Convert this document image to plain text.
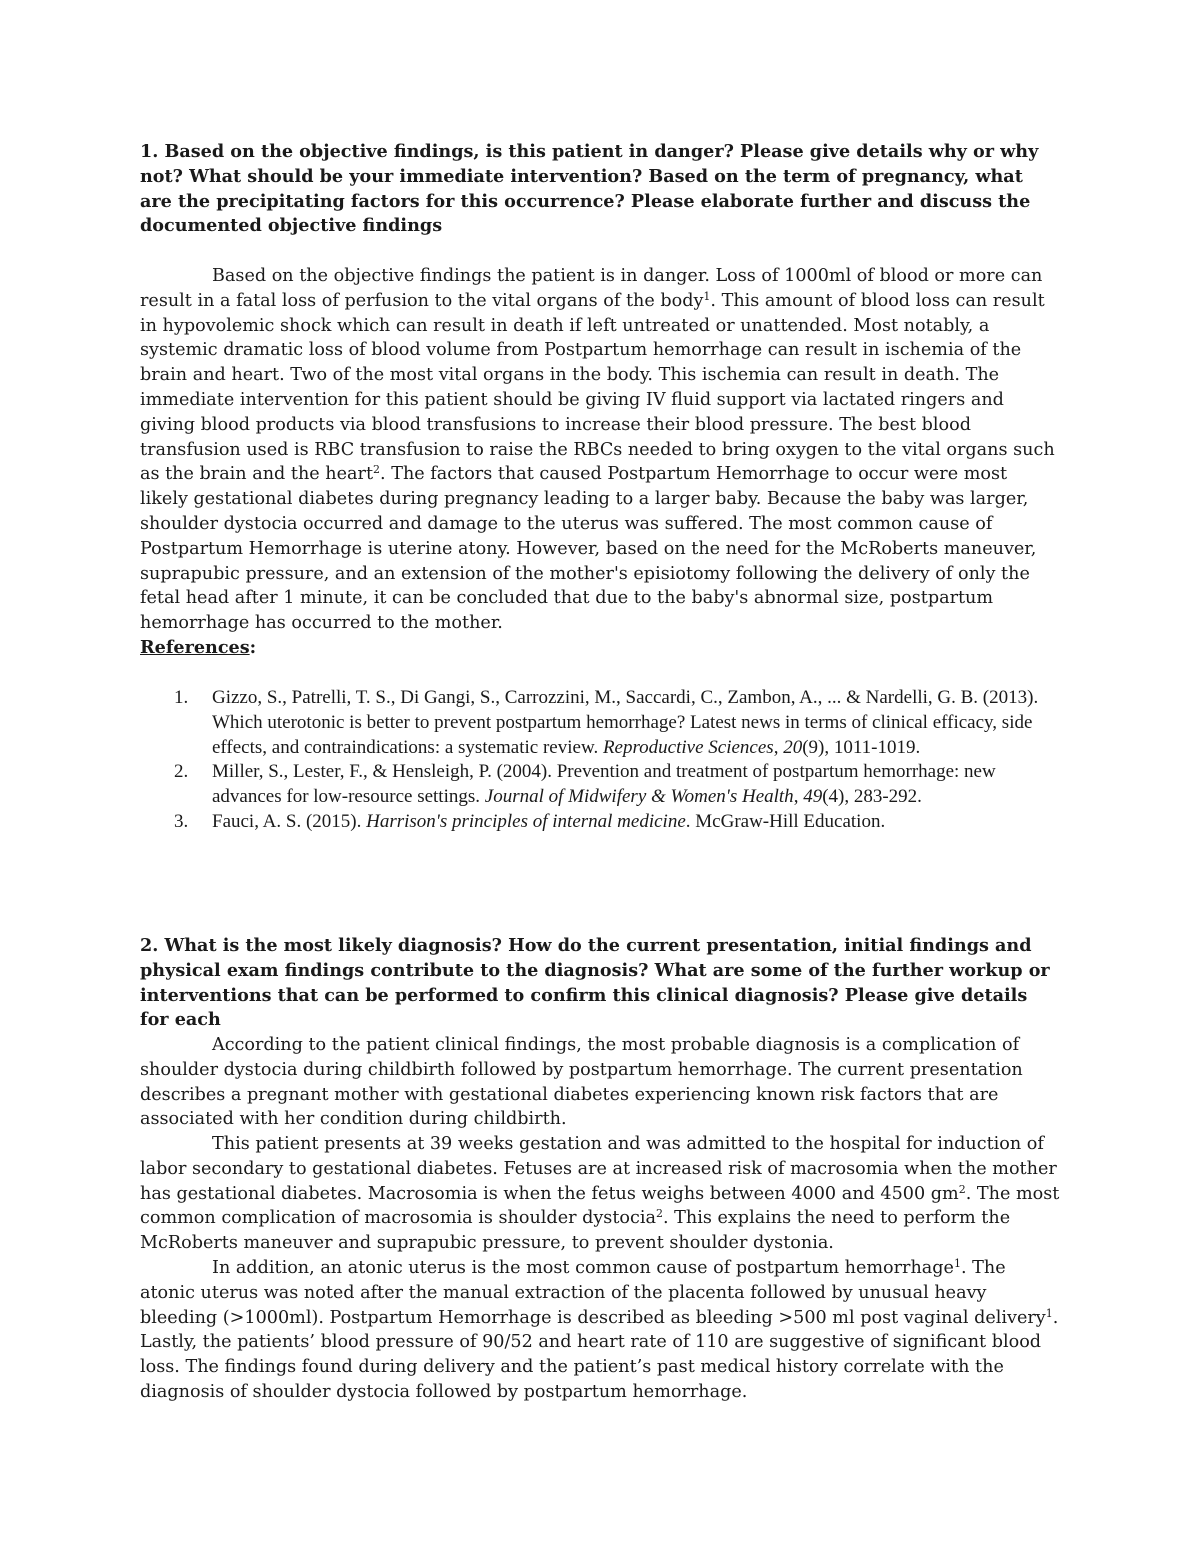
1. Based on the objective findings, is this patient in danger? Please give details why or why not? What should be your immediate intervention? Based on the term of pregnancy, what are the precipitating factors for this occurrence? Please elaborate further and discuss the documented objective findings

Based on the objective findings the patient is in danger. Loss of 1000ml of blood or more can result in a fatal loss of perfusion to the vital organs of the body$^1$. This amount of blood loss can result in hypovolemic shock which can result in death if left untreated or unattended. Most notably, a systemic dramatic loss of blood volume from Postpartum hemorrhage can result in ischemia of the brain and heart. Two of the most vital organs in the body. This ischemia can result in death. The immediate intervention for this patient should be giving IV fluid support via lactated ringers and giving blood products via blood transfusions to increase their blood pressure. The best blood transfusion used is RBC transfusion to raise the RBCs needed to bring oxygen to the vital organs such as the brain and the heart$^2$. The factors that caused Postpartum Hemorrhage to occur were most likely gestational diabetes during pregnancy leading to a larger baby. Because the baby was larger, shoulder dystocia occurred and damage to the uterus was suffered. The most common cause of Postpartum Hemorrhage is uterine atony. However, based on the need for the McRoberts maneuver, suprapubic pressure, and an extension of the mother's episiotomy following the delivery of only the fetal head after 1 minute, it can be concluded that due to the baby's abnormal size, postpartum hemorrhage has occurred to the mother.

References:

1. Gizzo, S., Patrelli, T. S., Di Gangi, S., Carrozzini, M., Saccardi, C., Zambon, A., ... & Nardelli, G. B. (2013). Which uterotonic is better to prevent postpartum hemorrhage? Latest news in terms of clinical efficacy, side effects, and contraindications: a systematic review. Reproductive Sciences, 20(9), 1011-1019.
2. Miller, S., Lester, F., & Hensleigh, P. (2004). Prevention and treatment of postpartum hemorrhage: new advances for low-resource settings. Journal of Midwifery & Women's Health, 49(4), 283-292.
3. Fauci, A. S. (2015). Harrison's principles of internal medicine. McGraw-Hill Education.

2. What is the most likely diagnosis? How do the current presentation, initial findings and physical exam findings contribute to the diagnosis? What are some of the further workup or interventions that can be performed to confirm this clinical diagnosis? Please give details for each

According to the patient clinical findings, the most probable diagnosis is a complication of shoulder dystocia during childbirth followed by postpartum hemorrhage. The current presentation describes a pregnant mother with gestational diabetes experiencing known risk factors that are associated with her condition during childbirth.

This patient presents at 39 weeks gestation and was admitted to the hospital for induction of labor secondary to gestational diabetes. Fetuses are at increased risk of macrosomia when the mother has gestational diabetes. Macrosomia is when the fetus weighs between 4000 and 4500 $gm^2$. The most common complication of macrosomia is shoulder dystocia$^2$. This explains the need to perform the McRoberts maneuver and suprapubic pressure, to prevent shoulder dystonia.

In addition, an atonic uterus is the most common cause of postpartum hemorrhage$^1$. The atonic uterus was noted after the manual extraction of the placenta followed by unusual heavy bleeding (>1000ml). Postpartum Hemorrhage is described as bleeding >500 ml post vaginal delivery$^1$. Lastly, the patients’ blood pressure of 90/52 and heart rate of 110 are suggestive of significant blood loss. The findings found during delivery and the patient’s past medical history correlate with the diagnosis of shoulder dystocia followed by postpartum hemorrhage.
